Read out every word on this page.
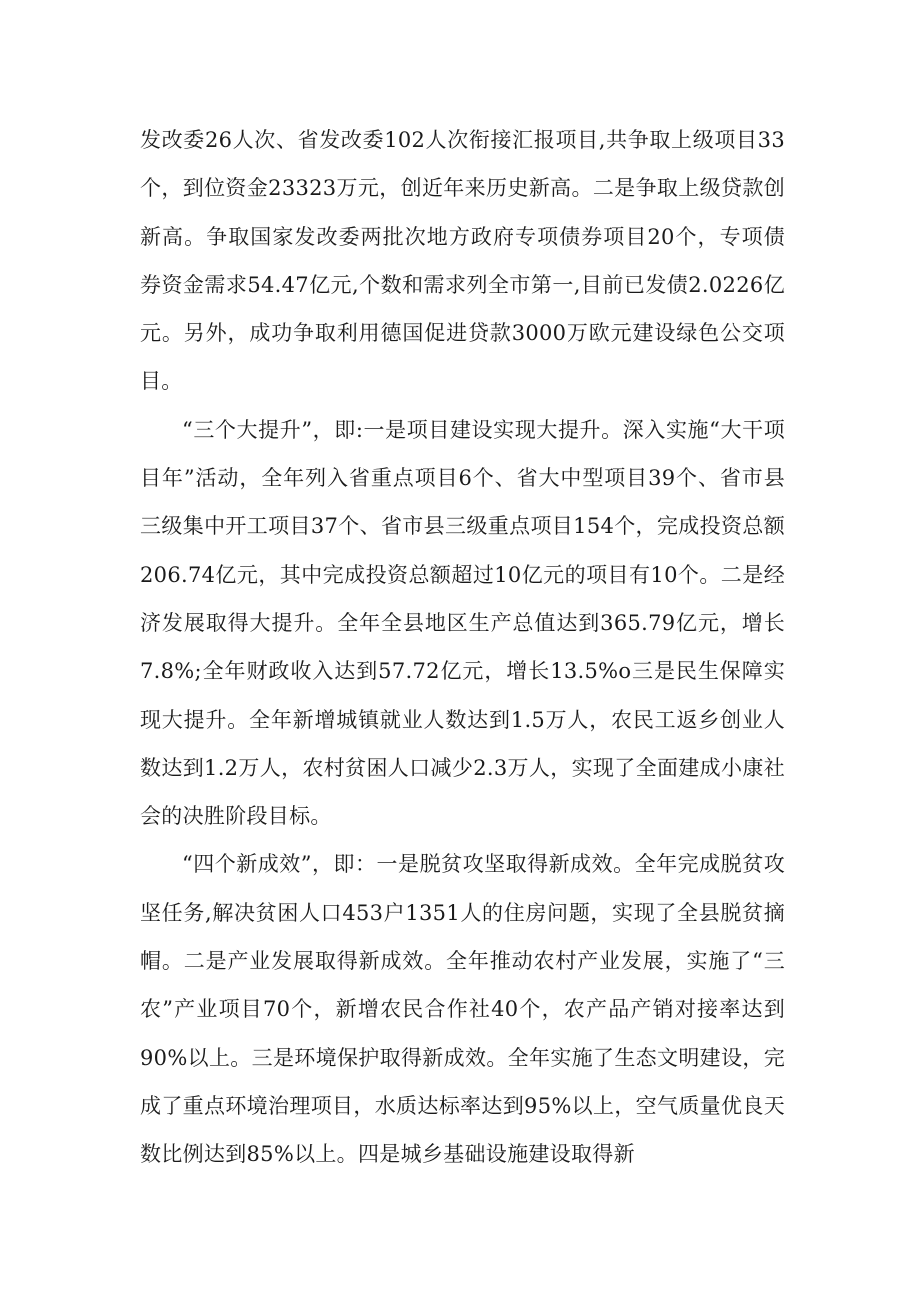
发改委26人次、省发改委102人次衔接汇报项目,共争取上级项目33个，到位资金23323万元，创近年来历史新高。二是争取上级贷款创新高。争取国家发改委两批次地方政府专项债券项目20个，专项债券资金需求54.47亿元,个数和需求列全市第一,目前已发债2.0226亿元。另外，成功争取利用德国促进贷款3000万欧元建设绿色公交项目。

“三个大提升”，即:一是项目建设实现大提升。深入实施“大干项目年”活动，全年列入省重点项目6个、省大中型项目39个、省市县三级集中开工项目37个、省市县三级重点项目154个，完成投资总额206.74亿元，其中完成投资总额超过10亿元的项目有10个。二是经济发展取得大提升。全年全县地区生产总值达到365.79亿元，增长7.8%;全年财政收入达到57.72亿元，增长13.5%o三是民生保障实现大提升。全年新增城镇就业人数达到1.5万人，农民工返乡创业人数达到1.2万人，农村贫困人口减少2.3万人，实现了全面建成小康社会的决胜阶段目标。

“四个新成效”，即：一是脱贫攻坚取得新成效。全年完成脱贫攻坚任务,解决贫困人口453户1351人的住房问题，实现了全县脱贫摘帽。二是产业发展取得新成效。全年推动农村产业发展，实施了“三农”产业项目70个，新增农民合作社40个，农产品产销对接率达到90%以上。三是环境保护取得新成效。全年实施了生态文明建设，完成了重点环境治理项目，水质达标率达到95%以上，空气质量优良天数比例达到85%以上。四是城乡基础设施建设取得新
